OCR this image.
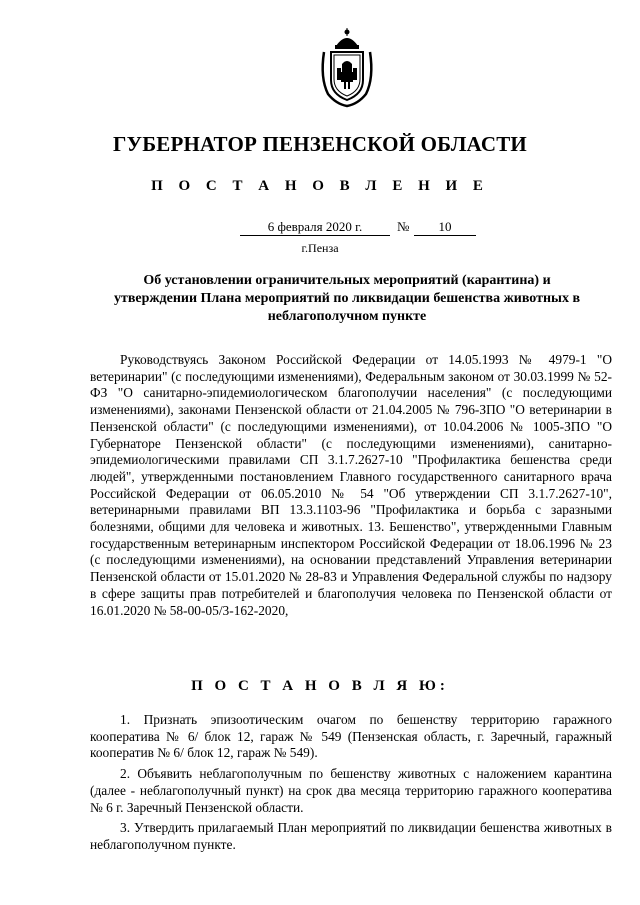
ГУБЕРНАТОР ПЕНЗЕНСКОЙ ОБЛАСТИ
П О С Т А Н О В Л Е Н И Е
6 февраля 2020 г.	№	10
г.Пенза
Об установлении ограничительных мероприятий (карантина) и утверждении Плана мероприятий по ликвидации бешенства животных в неблагополучном пункте

Руководствуясь Законом Российской Федерации от 14.05.1993 № 4979-1 "О ветеринарии" (с последующими изменениями), Федеральным законом от 30.03.1999 № 52-ФЗ "О санитарно-эпидемиологическом благополучии населения" (с последующими изменениями), законами Пензенской области от 21.04.2005 № 796-ЗПО "О ветеринарии в Пензенской области" (с последующими изменениями), от 10.04.2006 № 1005-ЗПО "О Губернаторе Пензенской области" (с последующими изменениями), санитарно-эпидемиологическими правилами СП 3.1.7.2627-10 "Профилактика бешенства среди людей", утвержденными постановлением Главного государственного санитарного врача Российской Федерации от 06.05.2010 № 54 "Об утверждении СП 3.1.7.2627-10", ветеринарными правилами ВП 13.3.1103-96 "Профилактика и борьба с заразными болезнями, общими для человека и животных. 13. Бешенство", утвержденными Главным государственным ветеринарным инспектором Российской Федерации от 18.06.1996 № 23 (с последующими изменениями), на основании представлений Управления ветеринарии Пензенской области от 15.01.2020 № 28-83 и Управления Федеральной службы по надзору в сфере защиты прав потребителей и благополучия человека по Пензенской области от 16.01.2020 № 58-00-05/3-162-2020,

П О С Т А Н О В Л Я Ю:

1. Признать эпизоотическим очагом по бешенству территорию гаражного кооператива № 6/ блок 12, гараж № 549 (Пензенская область, г. Заречный, гаражный кооператив № 6/ блок 12, гараж № 549).

2. Объявить неблагополучным по бешенству животных с наложением карантина (далее - неблагополучный пункт) на срок два месяца территорию гаражного кооператива № 6 г. Заречный Пензенской области.

3. Утвердить прилагаемый План мероприятий по ликвидации бешенства животных в неблагополучном пункте.
